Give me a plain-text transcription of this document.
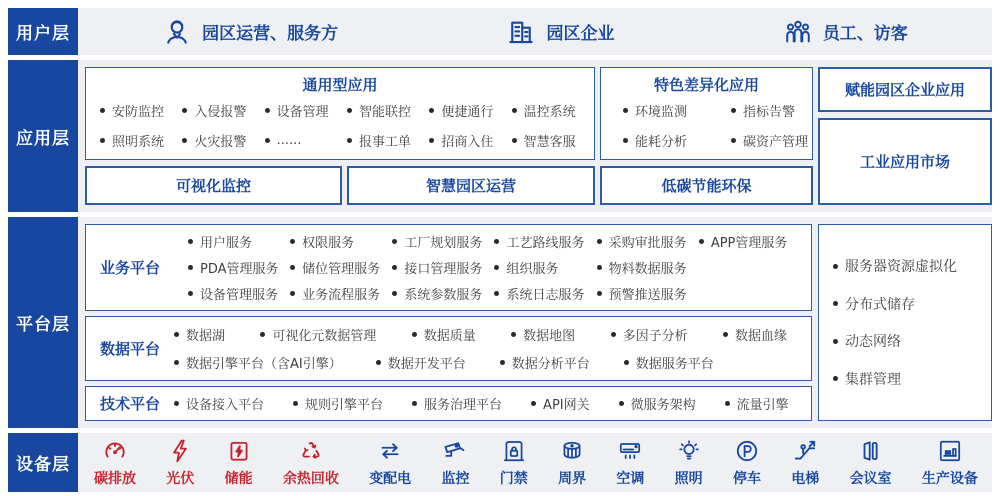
用户层	园区运营、服务方	园区企业	员工、访客
应用层
通用型应用
安防监控	入侵报警	设备管理	智能联控	便捷通行	温控系统
照明系统	火灾报警	......	报事工单	招商入住	智慧客服
特色差异化应用
环境监测	指标告警
能耗分析	碳资产管理
赋能园区企业应用
工业应用市场
可视化监控	智慧园区运营	低碳节能环保
平台层
业务平台
用户服务	权限服务	工厂规划服务	工艺路线服务	采购审批服务	APP管理服务
PDA管理服务	储位管理服务	接口管理服务	组织服务	物料数据服务
设备管理服务	业务流程服务	系统参数服务	系统日志服务	预警推送服务
数据平台
数据湖	可视化元数据管理	数据质量	数据地图	多因子分析	数据血缘
数据引擎平台（含AI引擎）	数据开发平台	数据分析平台	数据服务平台
技术平台	设备接入平台	规则引擎平台	服务治理平台	API网关	微服务架构	流量引擎
服务器资源虚拟化
分布式储存
动态网络
集群管理
设备层
碳排放 光伏 储能 余热回收 变配电 监控 门禁 周界 空调 照明 停车 电梯 会议室 生产设备
